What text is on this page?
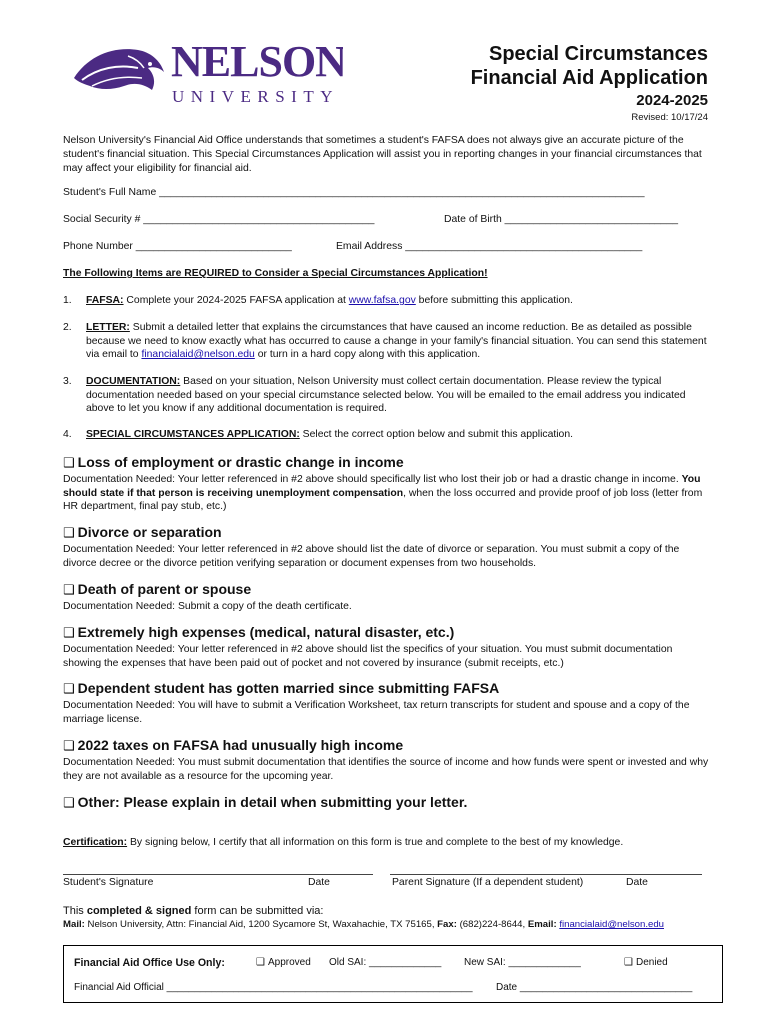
NELSON
UNIVERSITY
Special Circumstances
Financial Aid Application
2024-2025
Revised: 10/17/24
Nelson University's Financial Aid Office understands that sometimes a student's FAFSA does not always give an accurate picture of the student's financial situation. This Special Circumstances Application will assist you in reporting changes in your financial circumstances that may affect your eligibility for financial aid.
Student's Full Name ____________________________________________________________________________________
Social Security # ________________________________________	Date of Birth ______________________________
Phone Number ___________________________	Email Address _________________________________________
The Following Items are REQUIRED to Consider a Special Circumstances Application!
1. FAFSA: Complete your 2024-2025 FAFSA application at www.fafsa.gov before submitting this application.
2. LETTER: Submit a detailed letter that explains the circumstances that have caused an income reduction. Be as detailed as possible because we need to know exactly what has occurred to cause a change in your family's financial situation. You can send this statement via email to financialaid@nelson.edu or turn in a hard copy along with this application.
3. DOCUMENTATION: Based on your situation, Nelson University must collect certain documentation. Please review the typical documentation needed based on your special circumstance selected below. You will be emailed to the email address you indicated above to let you know if any additional documentation is required.
4. SPECIAL CIRCUMSTANCES APPLICATION: Select the correct option below and submit this application.
❑ Loss of employment or drastic change in income
Documentation Needed: Your letter referenced in #2 above should specifically list who lost their job or had a drastic change in income. You should state if that person is receiving unemployment compensation, when the loss occurred and provide proof of job loss (letter from HR department, final pay stub, etc.)
❑ Divorce or separation
Documentation Needed: Your letter referenced in #2 above should list the date of divorce or separation. You must submit a copy of the divorce decree or the divorce petition verifying separation or document expenses from two households.
❑ Death of parent or spouse
Documentation Needed: Submit a copy of the death certificate.
❑ Extremely high expenses (medical, natural disaster, etc.)
Documentation Needed: Your letter referenced in #2 above should list the specifics of your situation. You must submit documentation showing the expenses that have been paid out of pocket and not covered by insurance (submit receipts, etc.)
❑ Dependent student has gotten married since submitting FAFSA
Documentation Needed: You will have to submit a Verification Worksheet, tax return transcripts for student and spouse and a copy of the marriage license.
❑ 2022 taxes on FAFSA had unusually high income
Documentation Needed: You must submit documentation that identifies the source of income and how funds were spent or invested and why they are not available as a resource for the upcoming year.
❑ Other: Please explain in detail when submitting your letter.
Certification: By signing below, I certify that all information on this form is true and complete to the best of my knowledge.
Student's Signature	Date	Parent Signature (If a dependent student)	Date
This completed & signed form can be submitted via:
Mail: Nelson University, Attn: Financial Aid, 1200 Sycamore St, Waxahachie, TX 75165, Fax: (682)224-8644, Email: financialaid@nelson.edu
Financial Aid Office Use Only:	❑ Approved Old SAI: _____________ New SAI: _____________	❑ Denied
Financial Aid Official _______________________________________________________ Date _______________________________
